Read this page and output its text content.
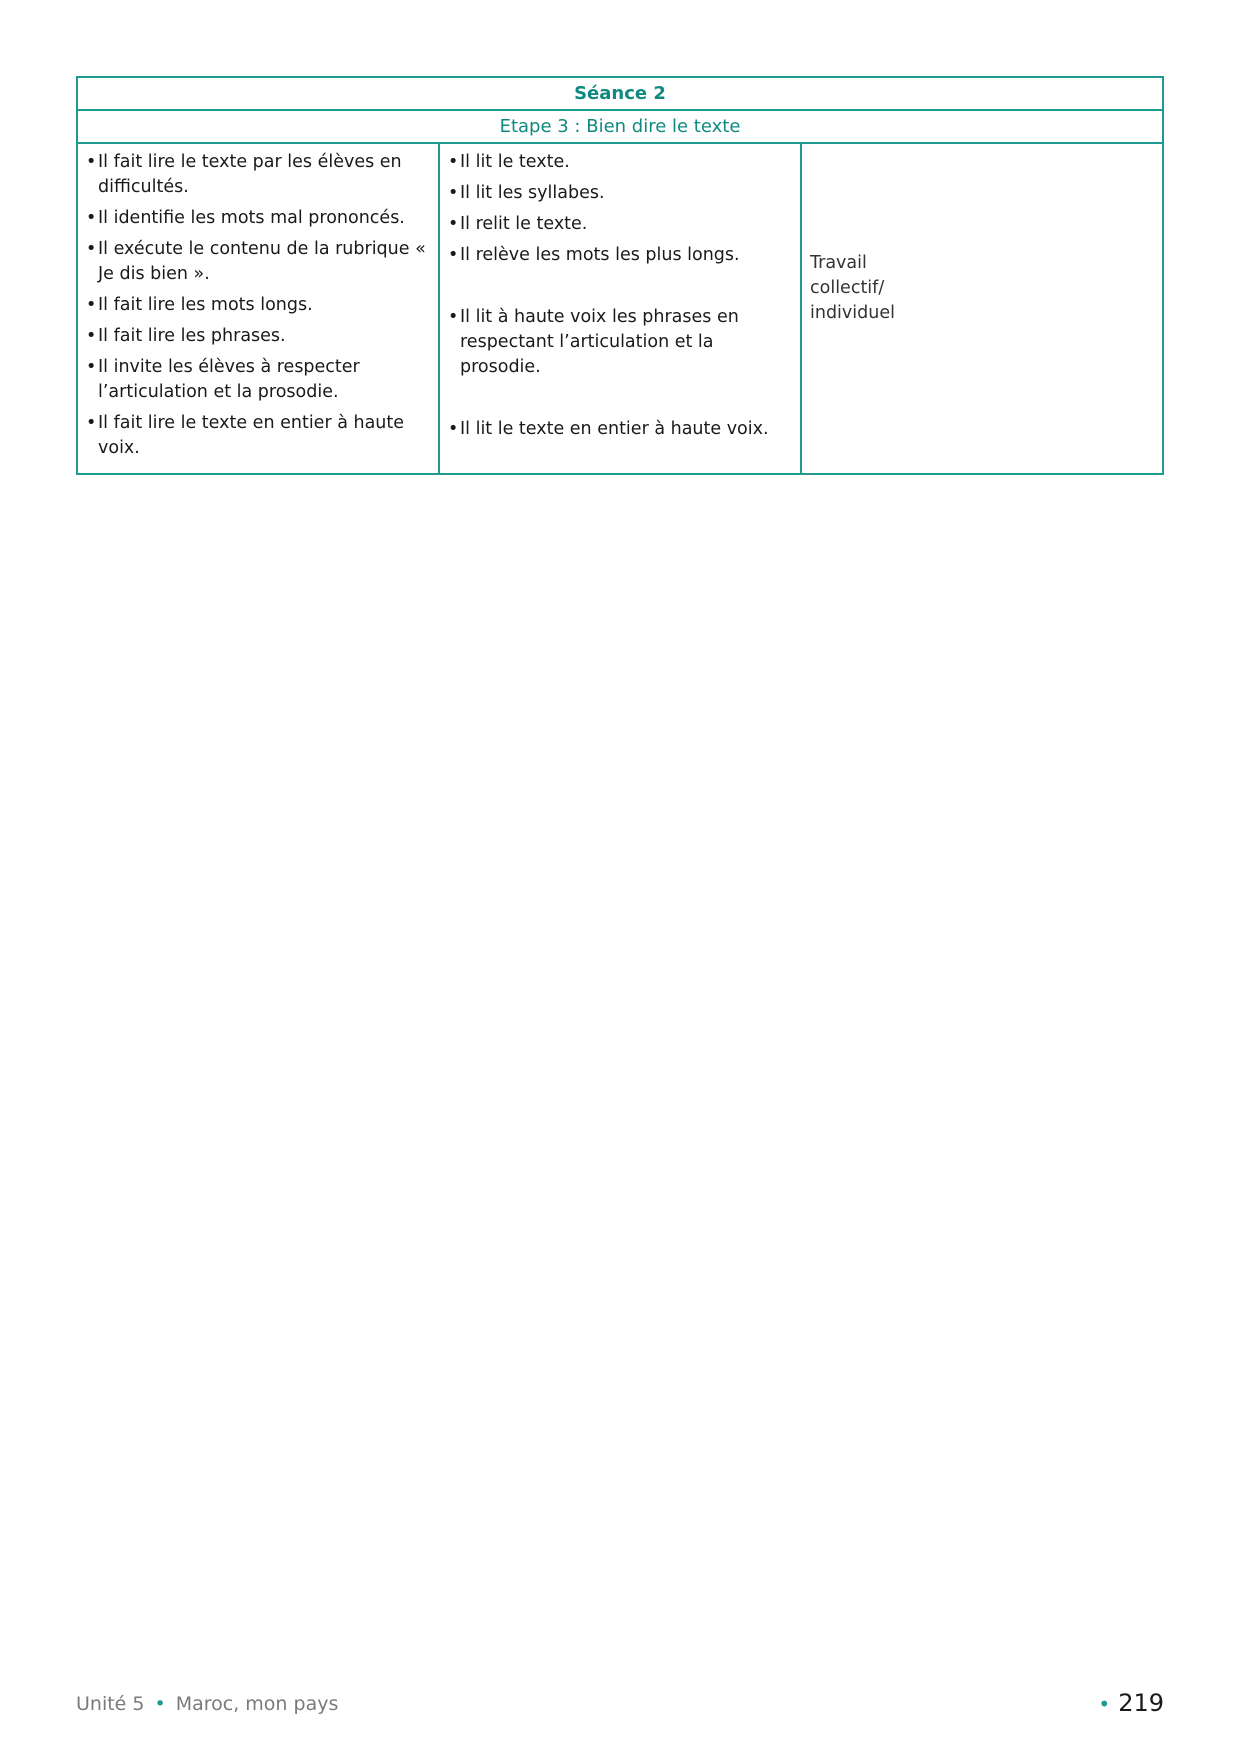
Séance 2
Etape 3 : Bien dire le texte

• Il fait lire le texte par les élèves en difficultés.
• Il identifie les mots mal prononcés.
• Il exécute le contenu de la rubrique « Je dis bien ».
• Il fait lire les mots longs.
• Il fait lire les phrases.
• Il invite les élèves à respecter l’articulation et la prosodie.
• Il fait lire le texte en entier à haute voix.

• Il lit le texte.
• Il lit les syllabes.
• Il relit le texte.
• Il relève les mots les plus longs.
• Il lit à haute voix les phrases en respectant l’articulation et la prosodie.
• Il lit le texte en entier à haute voix.

Travail
collectif/
individuel
Unité 5 • Maroc, mon pays	• 219
